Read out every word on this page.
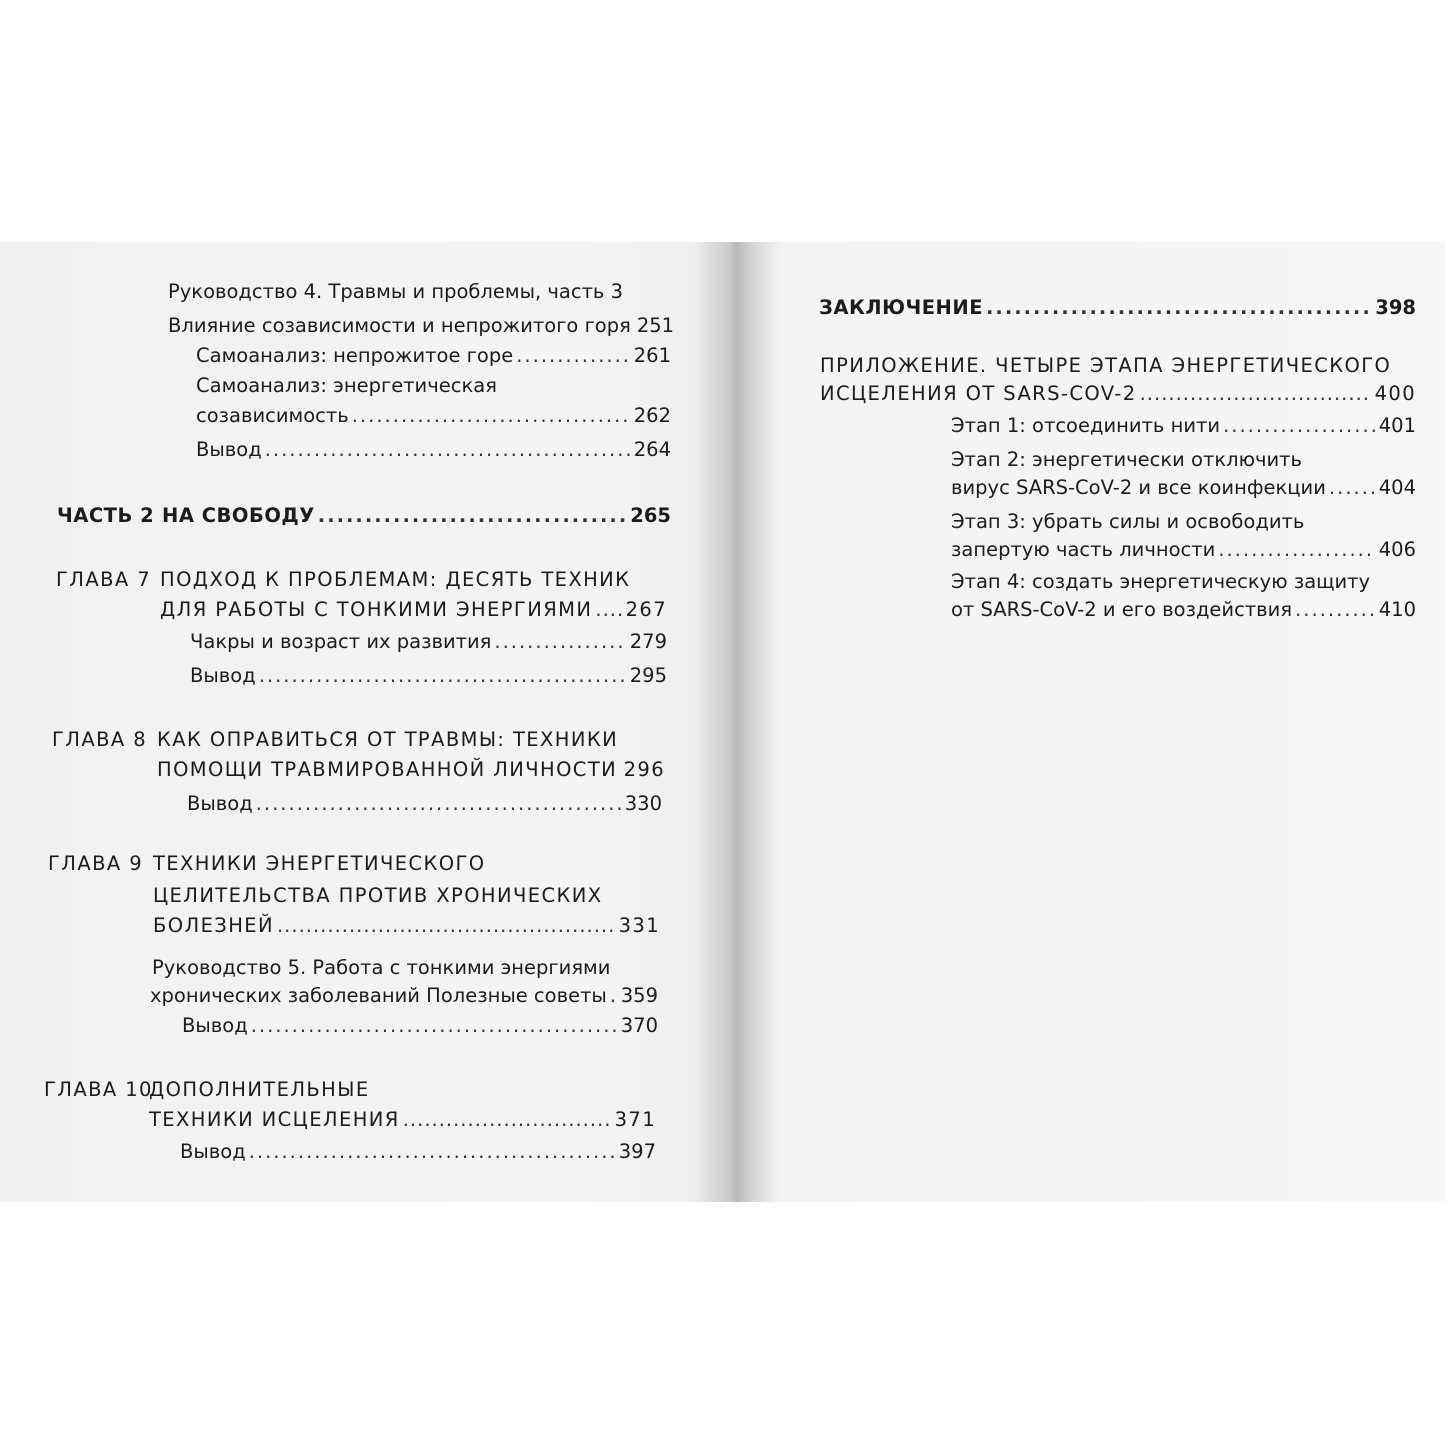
Руководство 4. Травмы и проблемы, часть 3
Влияние созависимости и непрожитого горя 251
Самоанализ: непрожитое горе .....	261
Самоанализ: энергетическая
созависимость .....	262
Вывод .....	264
ЧАСТЬ 2 НА СВОБОДУ .....	265
ГЛАВА 7 ПОДХОД К ПРОБЛЕМАМ: ДЕСЯТЬ ТЕХНИК
ДЛЯ РАБОТЫ С ТОНКИМИ ЭНЕРГИЯМИ ..... 267
Чакры и возраст их развития .....	279
Вывод .....	295
ГЛАВА 8 КАК ОПРАВИТЬСЯ ОТ ТРАВМЫ: ТЕХНИКИ
ПОМОЩИ ТРАВМИРОВАННОЙ ЛИЧНОСТИ ..... 296
Вывод .....	330
ГЛАВА 9 ТЕХНИКИ ЭНЕРГЕТИЧЕСКОГО
ЦЕЛИТЕЛЬСТВА ПРОТИВ ХРОНИЧЕСКИХ
БОЛЕЗНЕЙ .....	331
Руководство 5. Работа с тонкими энергиями
хронических заболеваний Полезные советы ..... 359
Вывод .....	370
ГЛАВА 10
ДОПОЛНИТЕЛЬНЫЕ
ТЕХНИКИ ИСЦЕЛЕНИЯ .....	371
Вывод .....	397
ЗАКЛЮЧЕНИЕ .....	398
ПРИЛОЖЕНИЕ. ЧЕТЫРЕ ЭТАПА ЭНЕРГЕТИЧЕСКОГО
ИСЦЕЛЕНИЯ ОТ SARS-COV-2 .....	400
Этап 1: отсоединить нити .....	401
Этап 2: энергетически отключить
вирус SARS-CoV-2 и все коинфекции .....	404
Этап 3: убрать силы и освободить
запертую часть личности .....	406
Этап 4: создать энергетическую защиту
от SARS-CoV-2 и его воздействия .....	410
